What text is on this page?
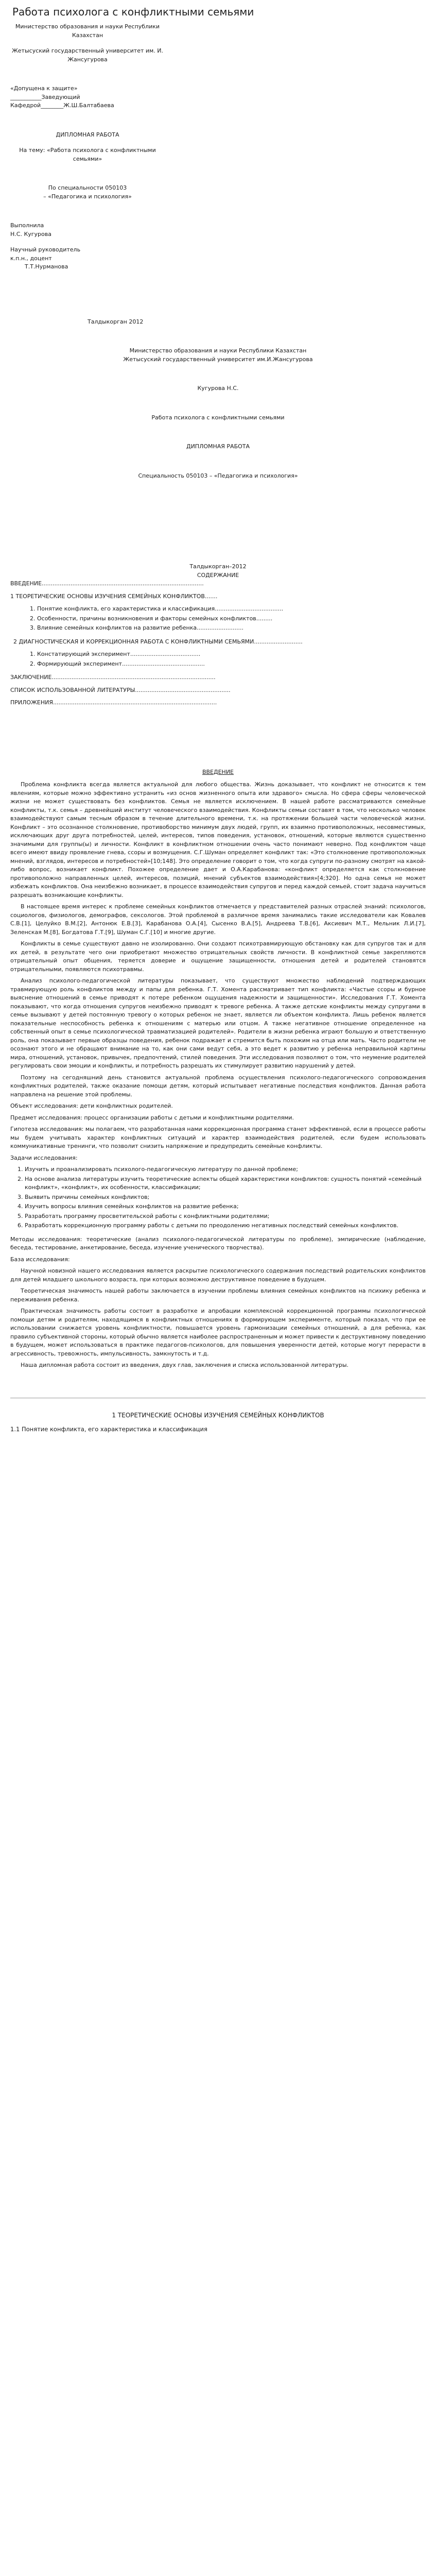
Работа психолога с конфликтными семьями

Министерство образования и науки Республики Казахстан

Жетысуский государственный университет им. И. Жансугурова

«Допущена к защите»

___________Заведующий

Кафедрой________Ж.Ш.Балтабаева

ДИПЛОМНАЯ РАБОТА

На тему: «Работа психолога с конфликтными семьями»

По специальности 050103

– «Педагогика и психология»

Выполнила

Н.С. Кугурова

Научный руководитель

к.п.н., доцент

Т.Т.Нурманова

Талдыкорган 2012

Министерство образования и науки Республики Казахстан

Жетысуский государственный университет им.И.Жансугурова

Кугурова Н.С.

Работа психолога с конфликтными семьями

ДИПЛОМНАЯ РАБОТА

Специальность 050103 – «Педагогика и психология»

Талдыкорган–2012

СОДЕРЖАНИЕ

ВВЕДЕНИЕ..........................................................................................

1 ТЕОРЕТИЧЕСКИЕ ОСНОВЫ ИЗУЧЕНИЯ СЕМЕЙНЫХ КОНФЛИКТОВ.......

1. Понятие конфликта, его характеристика и классификация......................................
2. Особенности, причины возникновения и факторы семейных конфликтов.........
3. Влияние семейных конфликтов на развитие ребенка..........................

2 ДИАГНОСТИЧЕСКАЯ И КОРРЕКЦИОННАЯ РАБОТА С КОНФЛИКТНЫМИ СЕМЬЯМИ...........................

1. Констатирующий эксперимент.......................................
2. Формирующий эксперимент..............................................

ЗАКЛЮЧЕНИЕ...........................................................................................

СПИСОК ИСПОЛЬЗОВАННОЙ ЛИТЕРАТУРЫ.....................................................

ПРИЛОЖЕНИЯ...........................................................................................

ВВЕДЕНИЕ

Проблема конфликта всегда является актуальной для любого общества. Жизнь доказывает, что конфликт не относится к тем явлениям, которые можно эффективно устранить «из основ жизненного опыта или здравого» смысла. Но сфера сферы человеческой жизни не может существовать без конфликтов. Семья не является исключением. В нашей работе рассматриваются семейные конфликты, т.к. семья – древнейший институт человеческого взаимодействия. Конфликты семьи составят в том, что несколько человек взаимодействуют самым тесным образом в течение длительного времени, т.к. на протяжении большей части человеческой жизни. Конфликт – это осознанное столкновение, противоборство минимум двух людей, групп, их взаимно противоположных, несовместимых, исключающих друг друга потребностей, целей, интересов, типов поведения, установок, отношений, которые являются существенно значимыми для группы(ы) и личности. Конфликт в конфликтном отношении очень часто понимают неверно. Под конфликтом чаще всего имеют ввиду проявление гнева, ссоры и возмущения. С.Г.Шуман определяет конфликт так: «Это столкновение противоположных мнений, взглядов, интересов и потребностей»[10;148]. Это определение говорит о том, что когда супруги по-разному смотрят на какой-либо вопрос, возникает конфликт. Похожее определение дает и О.А.Карабанова: «конфликт определяется как столкновение противоположно направленных целей, интересов, позиций, мнений субъектов взаимодействия»[4;320]. Но одна семья не может избежать конфликтов. Она неизбежно возникает, в процессе взаимодействия супругов и перед каждой семьей, стоит задача научиться разрешать возникающие конфликты.

В настоящее время интерес к проблеме семейных конфликтов отмечается у представителей разных отраслей знаний: психологов, социологов, физиологов, демографов, сексологов. Этой проблемой в различное время занимались такие исследователи как Ковалев С.В.[1], Целуйко В.М.[2], Антонюк Е.В.[3], Карабанова О.А.[4], Сысенко В.А.[5], Андреева Т.В.[6], Аксиевич М.Т., Мельник Л.И.[7], Зеленская М.[8], Богдатова Г.Т.[9], Шуман С.Г.[10] и многие другие.

Конфликты в семье существуют давно не изолированно. Они создают психотравмирующую обстановку как для супругов так и для их детей, в результате чего они приобретают множество отрицательных свойств личности. В конфликтной семье закрепляются отрицательный опыт общения, теряется доверие и ощущение защищенности, отношения детей и родителей становятся отрицательными, появляются психотравмы.

Анализ психолого-педагогической литературы показывает, что существуют множество наблюдений подтверждающих травмирующую роль конфликтов между и папы для ребенка. Г.Т. Хомента рассматривает тип конфликта: «Частые ссоры и бурное выяснение отношений в семье приводят к потере ребенком ощущения надежности и защищенности». Исследования Г.Т. Хомента показывают, что когда отношения супругов неизбежно приводят к тревоге ребенка. А также детские конфликты между супругами в семье вызывают у детей постоянную тревогу о которых ребенок не знает, является ли объектом конфликта. Лишь ребенок является показательные неспособность ребенка к отношениям с матерью или отцом. А также негативное отношение определенное на собственный опыт в семье психологической травматизацией родителей». Родители в жизни ребенка играют большую и ответственную роль, она показывает первые образцы поведения, ребенок подражает и стремится быть похожим на отца или мать. Часто родители не осознают этого и не обращают внимание на то, как они сами ведут себя, а это ведет к развитию у ребенка неправильной картины мира, отношений, установок, привычек, предпочтений, стилей поведения. Эти исследования позволяют о том, что неумение родителей регулировать свои эмоции и конфликты, и потребность разрешать их стимулирует развитию нарушений у детей.

Поэтому на сегодняшний день становится актуальной проблема осуществления психолого-педагогического сопровождения конфликтных родителей, также оказание помощи детям, который испытывает негативные последствия конфликтов. Данная работа направлена на решение этой проблемы.

Объект исследования: дети конфликтных родителей.

Предмет исследования: процесс организации работы с детьми и конфликтными родителями.

Гипотеза исследования: мы полагаем, что разработанная нами коррекционная программа станет эффективной, если в процессе работы мы будем учитывать характер конфликтных ситуаций и характер взаимодействия родителей, если будем использовать коммуникативные тренинги, что позволит снизить напряжение и предупредить семейные конфликты.

Задачи исследования:

1. Изучить и проанализировать психолого-педагогическую литературу по данной проблеме;
2. На основе анализа литературы изучить теоретические аспекты общей характеристики конфликтов: сущность понятий «семейный конфликт», «конфликт», их особенности, классификации;
3. Выявить причины семейных конфликтов;
4. Изучить вопросы влияния семейных конфликтов на развитие ребенка;
5. Разработать программу просветительской работы с конфликтными родителями;
6. Разработать коррекционную программу работы с детьми по преодолению негативных последствий семейных конфликтов.

Методы исследования: теоретические (анализ психолого-педагогической литературы по проблеме), эмпирические (наблюдение, беседа, тестирование, анкетирование, беседа, изучение ученического творчества).

База исследования:

Научной новизной нашего исследования является раскрытие психологического содержания последствий родительских конфликтов для детей младшего школьного возраста, при которых возможно деструктивное поведение в будущем.

Теоретическая значимость нашей работы заключается в изучении проблемы влияния семейных конфликтов на психику ребенка и переживания ребенка.

Практическая значимость работы состоит в разработке и апробации комплексной коррекционной программы психологической помощи детям и родителям, находящимся в конфликтных отношениях в формирующем эксперименте, который показал, что при ее использовании снижается уровень конфликтности, повышается уровень гармонизации семейных отношений, а для ребенка, как правило субъективной стороны, который обычно является наиболее распространенным и может привести к деструктивному поведению в будущем, может использоваться в практике педагогов-психологов, для повышения уверенности детей, которые могут перерасти в агрессивность, тревожность, импульсивность, замкнутость и т.д.

Наша дипломная работа состоит из введения, двух глав, заключения и списка использованной литературы.

1 ТЕОРЕТИЧЕСКИЕ ОСНОВЫ ИЗУЧЕНИЯ СЕМЕЙНЫХ КОНФЛИКТОВ
1.1 Понятие конфликта, его характеристика и классификация
